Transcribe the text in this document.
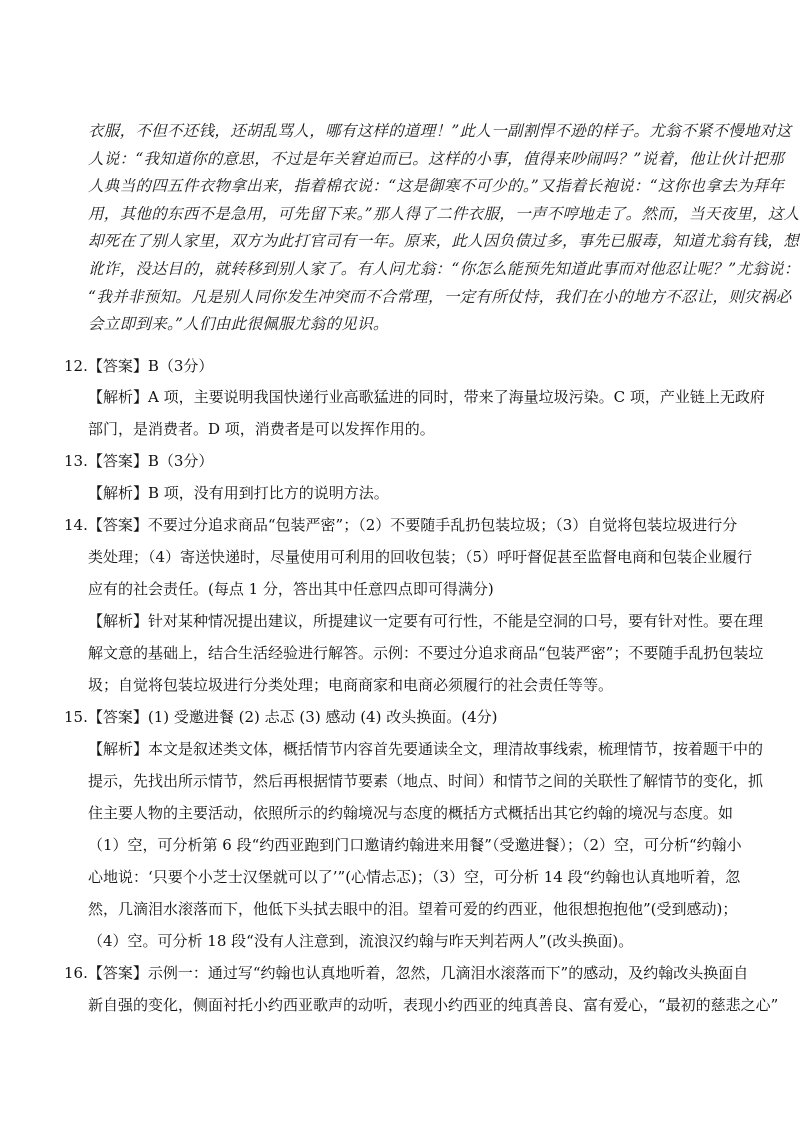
衣服，不但不还钱，还胡乱骂人，哪有这样的道理！”此人一副割悍不逊的样子。尤翁不紧不慢地对这
人说：“我知道你的意思，不过是年关窘迫而已。这样的小事，值得来吵闹吗？”说着，他让伙计把那
人典当的四五件衣物拿出来，指着棉衣说：“这是御寒不可少的。”又指着长袍说：“这你也拿去为拜年
用，其他的东西不是急用，可先留下来。”那人得了二件衣服，一声不哼地走了。然而，当天夜里，这人
却死在了别人家里，双方为此打官司有一年。原来，此人因负债过多，事先已服毒，知道尤翁有钱，想
讹诈，没达目的，就转移到别人家了。有人问尤翁：“你怎么能预先知道此事而对他忍让呢？”尤翁说：
“我并非预知。凡是别人同你发生冲突而不合常理，一定有所仗恃，我们在小的地方不忍让，则灾祸必
会立即到来。”人们由此很佩服尤翁的见识。
12.【答案】B（3分）
【解析】A 项，主要说明我国快递行业高歌猛进的同时，带来了海量垃圾污染。C 项，产业链上无政府
部门，是消费者。D 项，消费者是可以发挥作用的。
13.【答案】B（3分）
【解析】B 项，没有用到打比方的说明方法。
14.【答案】不要过分追求商品“包装严密”；（2）不要随手乱扔包装垃圾；（3）自觉将包装垃圾进行分
类处理；（4）寄送快递时，尽量使用可利用的回收包装；（5）呼吁督促甚至监督电商和包装企业履行
应有的社会责任。(每点 1 分，答出其中任意四点即可得满分)
【解析】针对某种情况提出建议，所提建议一定要有可行性，不能是空洞的口号，要有针对性。要在理
解文意的基础上，结合生活经验进行解答。示例：不要过分追求商品“包装严密”；不要随手乱扔包装垃
圾；自觉将包装垃圾进行分类处理；电商商家和电商必须履行的社会责任等等。
15.【答案】(1) 受邀进餐 (2) 忐忑 (3) 感动 (4) 改头换面。(4分)
【解析】本文是叙述类文体，概括情节内容首先要通读全文，理清故事线索，梳理情节，按着题干中的
提示，先找出所示情节，然后再根据情节要素（地点、时间）和情节之间的关联性了解情节的变化，抓
住主要人物的主要活动，依照所示的约翰境况与态度的概括方式概括出其它约翰的境况与态度。如
（1）空，可分析第 6 段“约西亚跑到门口邀请约翰进来用餐”（受邀进餐）；（2）空，可分析“约翰小
心地说：‘只要个小芝士汉堡就可以了’”(心情忐忑)；（3）空，可分析 14 段“约翰也认真地听着，忽
然，几滴泪水滚落而下，他低下头拭去眼中的泪。望着可爱的约西亚，他很想抱抱他”(受到感动)；
（4）空。可分析 18 段“没有人注意到，流浪汉约翰与昨天判若两人”(改头换面)。
16.【答案】示例一：通过写“约翰也认真地听着，忽然，几滴泪水滚落而下”的感动，及约翰改头换面自
新自强的变化，侧面衬托小约西亚歌声的动听，表现小约西亚的纯真善良、富有爱心，“最初的慈悲之心”
